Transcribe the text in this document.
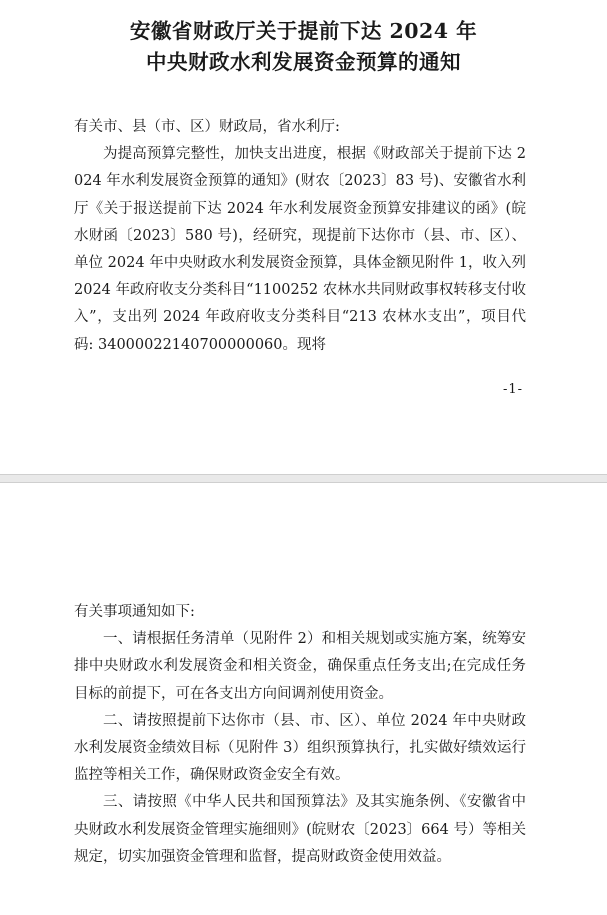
安徽省财政厅关于提前下达 2024 年
中央财政水利发展资金预算的通知

有关市、县（市、区）财政局，省水利厅:

为提高预算完整性，加快支出进度，根据《财政部关于提前下达 2024 年水利发展资金预算的通知》(财农〔2023〕83 号)、安徽省水利厅《关于报送提前下达 2024 年水利发展资金预算安排建议的函》(皖水财函〔2023〕580 号)，经研究，现提前下达你市（县、市、区）、单位 2024 年中央财政水利发展资金预算，具体金额见附件 1，收入列 2024 年政府收支分类科目“1100252 农林水共同财政事权转移支付收入”，支出列 2024 年政府收支分类科目“213 农林水支出”，项目代码: 34000022140700000060。现将

-1-

有关事项通知如下:

一、请根据任务清单（见附件 2）和相关规划或实施方案，统筹安排中央财政水利发展资金和相关资金，确保重点任务支出;在完成任务目标的前提下，可在各支出方向间调剂使用资金。

二、请按照提前下达你市（县、市、区）、单位 2024 年中央财政水利发展资金绩效目标（见附件 3）组织预算执行，扎实做好绩效运行监控等相关工作，确保财政资金安全有效。

三、请按照《中华人民共和国预算法》及其实施条例、《安徽省中央财政水利发展资金管理实施细则》(皖财农〔2023〕664 号）等相关规定，切实加强资金管理和监督，提高财政资金使用效益。
